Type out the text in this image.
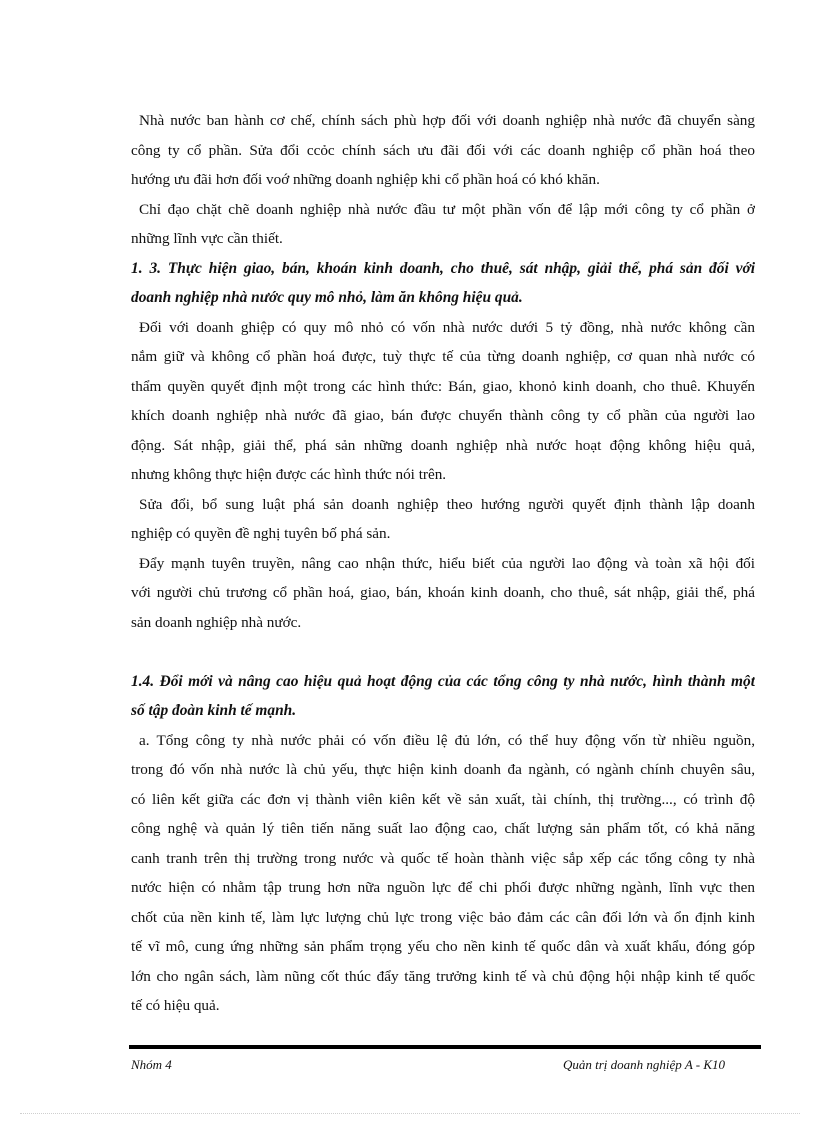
Nhà nước ban hành cơ chế, chính sách phù hợp đối với doanh nghiệp nhà nước đã chuyển sàng
công ty cổ phần. Sửa đổi ccỏc chính sách ưu đãi đối với các doanh nghiệp cổ phần hoá theo
hướng ưu đãi hơn đối voớ những doanh nghiệp khi cổ phần hoá có khó khăn.
Chỉ đạo chặt chẽ doanh nghiệp nhà nước đầu tư một phần vốn để lập mới công ty cổ phần ở
những lĩnh vực cần thiết.
1. 3. Thực hiện giao, bán, khoán kinh doanh, cho thuê, sát nhập, giải thể, phá sản đối với
doanh nghiệp nhà nước quy mô nhỏ, làm ăn không hiệu quả.
Đối với doanh ghiệp có quy mô nhỏ có vốn nhà nước dưới 5 tỷ đồng, nhà nước không cần
nắm giữ và không cổ phần hoá được, tuỳ thực tế của từng doanh nghiệp, cơ quan nhà nước có
thẩm quyền quyết định một trong các hình thức: Bán, giao, khonỏ kinh doanh, cho thuê. Khuyến
khích doanh nghiệp nhà nước đã giao, bán được chuyển thành công ty cổ phần của người lao
động. Sát nhập, giải thể, phá sản những doanh nghiệp nhà nước hoạt động không hiệu quả,
nhưng không thực hiện được các hình thức nói trên.
Sửa đổi, bổ sung luật phá sản doanh nghiệp theo hướng người quyết định thành lập doanh
nghiệp có quyền đề nghị tuyên bố phá sản.
Đẩy mạnh tuyên truyền, nâng cao nhận thức, hiểu biết của người lao động và toàn xã hội đối
với người chủ trương cổ phần hoá, giao, bán, khoán kinh doanh, cho thuê, sát nhập, giải thể, phá
sản doanh nghiệp nhà nước.
1.4. Đổi mới và nâng cao hiệu quả hoạt động của các tổng công ty nhà nước, hình thành một
số tập đoàn kinh tế mạnh.
a. Tổng công ty nhà nước phải có vốn điều lệ đủ lớn, có thể huy động vốn từ nhiều nguồn,
trong đó vốn nhà nước là chủ yếu, thực hiện kinh doanh đa ngành, có ngành chính chuyên sâu,
có liên kết giữa các đơn vị thành viên kiên kết về sản xuất, tài chính, thị trường..., có trình độ
công nghệ và quản lý tiên tiến năng suất lao động cao, chất lượng sản phẩm tốt, có khả năng
canh tranh trên thị trường trong nước và quốc tế hoàn thành việc sắp xếp các tổng công ty nhà
nước hiện có nhằm tập trung hơn nữa nguồn lực để chi phối được những ngành, lĩnh vực then
chốt của nền kinh tế, làm lực lượng chủ lực trong việc bảo đảm các cân đối lớn và ổn định kinh
tế vĩ mô, cung ứng những sản phẩm trọng yếu cho nền kinh tế quốc dân và xuất khẩu, đóng góp
lớn cho ngân sách, làm nũng cốt thúc đẩy tăng trưởng kinh tế và chủ động hội nhập kinh tế quốc
tế có hiệu quả.
Nhóm 4	Quản trị doanh nghiệp A - K10
